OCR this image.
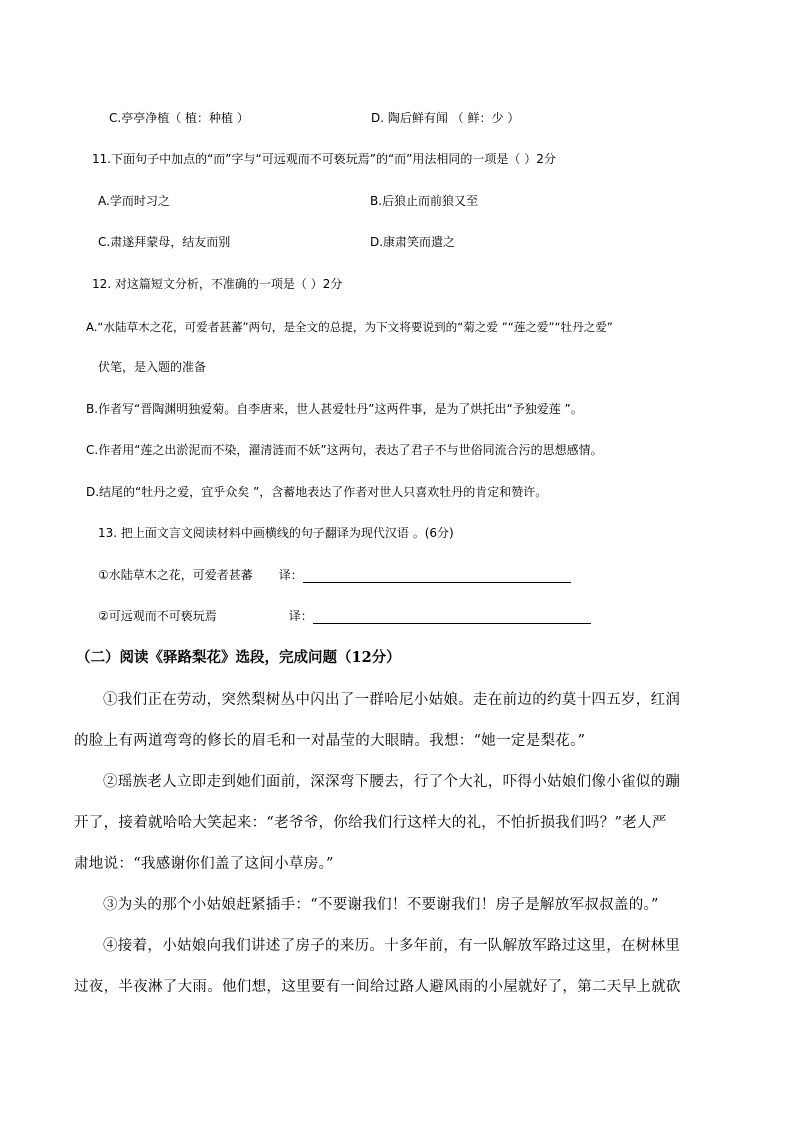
C.亭亭净植（ 植：种植 ）	D. 陶后鲜有闻 （ 鲜：少 ）
11.下面句子中加点的“而”字与“可远观而不可亵玩焉”的“而”用法相同的一项是（ ）2分
A.学而时习之	B.后狼止而前狼又至
C.肃遂拜蒙母，结友而别	D.康肃笑而遣之
12. 对这篇短文分析，不准确的一项是（ ）2分
A.“水陆草木之花，可爱者甚蕃”两句，是全文的总提，为下文将要说到的“菊之爱 ”“莲之爱”“牡丹之爱”
伏笔，是入题的准备
B.作者写“晋陶渊明独爱菊。自李唐来，世人甚爱牡丹”这两件事，是为了烘托出“予独爱莲 ”。
C.作者用“莲之出淤泥而不染，濯清涟而不妖”这两句，表达了君子不与世俗同流合污的思想感情。
D.结尾的“牡丹之爱，宜乎众矣 ”，含蓄地表达了作者对世人只喜欢牡丹的肯定和赞许。
13. 把上面文言文阅读材料中画横线的句子翻译为现代汉语 。(6分)
①水陆草木之花，可爱者甚蕃 译：
②可远观而不可亵玩焉	译：
（二）阅读《驿路梨花》选段，完成问题（12分）
①我们正在劳动，突然梨树丛中闪出了一群哈尼小姑娘。走在前边的约莫十四五岁，红润
的脸上有两道弯弯的修长的眉毛和一对晶莹的大眼睛。我想：“她一定是梨花。”
②瑶族老人立即走到她们面前，深深弯下腰去，行了个大礼，吓得小姑娘们像小雀似的蹦
开了，接着就哈哈大笑起来：“老爷爷，你给我们行这样大的礼，不怕折损我们吗？”老人严
肃地说：“我感谢你们盖了这间小草房。”
③为头的那个小姑娘赶紧插手：“不要谢我们！不要谢我们！房子是解放军叔叔盖的。”
④接着，小姑娘向我们讲述了房子的来历。十多年前，有一队解放军路过这里，在树林里
过夜，半夜淋了大雨。他们想，这里要有一间给过路人避风雨的小屋就好了，第二天早上就砍
